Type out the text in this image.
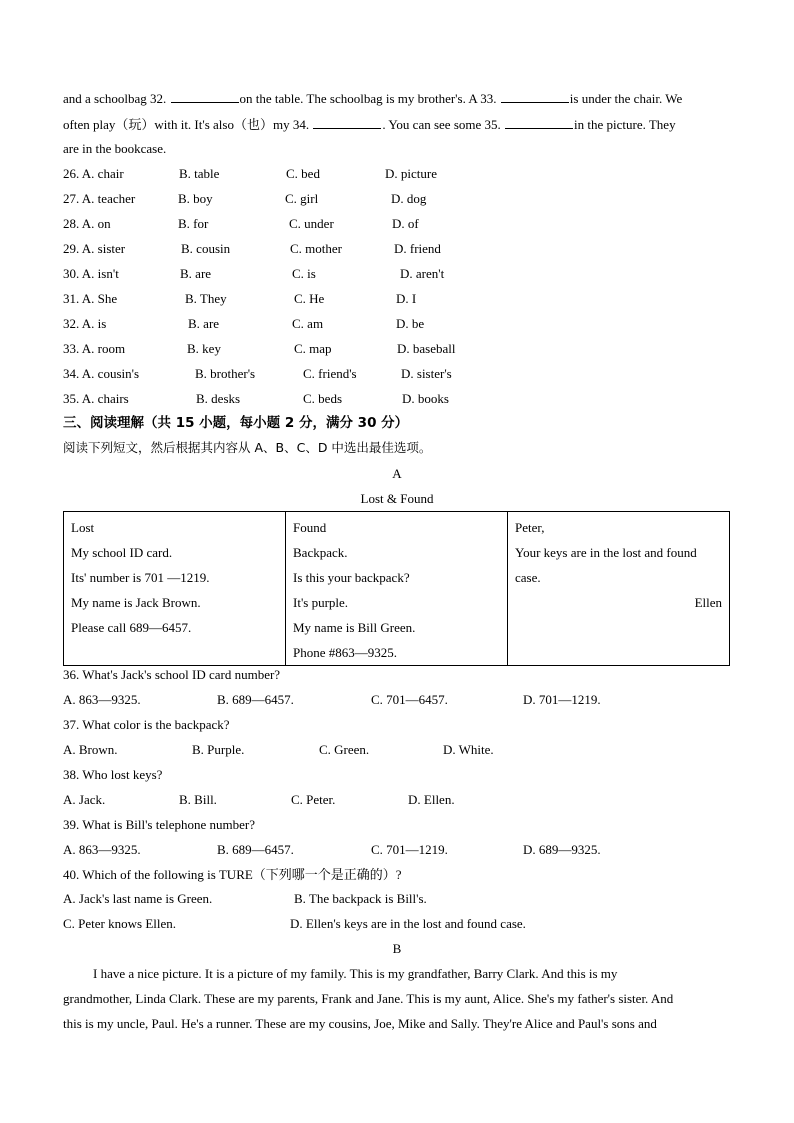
and a schoolbag 32.	on the table. The schoolbag is my brother's. A 33.	is under the chair. We
often play（玩）with it. It's also（也）my 34.	. You can see some 35.	in the picture. They
are in the bookcase.
26. A. chair	B. table	C. bed	D. picture
27. A. teacher	B. boy	C. girl	D. dog
28. A. on	B. for	C. under	D. of
29. A. sister	B. cousin	C. mother	D. friend
30. A. isn't	B. are	C. is	D. aren't
31. A. She	B. They	C. He	D. I
32. A. is	B. are	C. am	D. be
33. A. room	B. key	C. map	D. baseball
34. A. cousin's	B. brother's	C. friend's	D. sister's
35. A. chairs	B. desks	C. beds	D. books
三、阅读理解（共 15 小题，每小题 2 分，满分 30 分）
阅读下列短文，然后根据其内容从 A、B、C、D 中选出最佳选项。
A
Lost & Found
Lost
My school ID card.
Its' number is 701 —1219.
My name is Jack Brown.
Please call 689—6457.

Found
Backpack.
Is this your backpack?
It's purple.
My name is Bill Green.
Phone #863—9325.

Peter,
Your keys are in the lost and found
case.
Ellen
36. What's Jack's school ID card number?
A. 863—9325.	B. 689—6457.	C. 701—6457.	D. 701—1219.
37. What color is the backpack?
A. Brown.	B. Purple.	C. Green.	D. White.
38. Who lost keys?
A. Jack.	B. Bill.	C. Peter.	D. Ellen.
39. What is Bill's telephone number?
A. 863—9325.	B. 689—6457.	C. 701—1219.	D. 689—9325.
40. Which of the following is TURE（下列哪一个是正确的）?
A. Jack's last name is Green.	B. The backpack is Bill's.
C. Peter knows Ellen.	D. Ellen's keys are in the lost and found case.
B
I have a nice picture. It is a picture of my family. This is my grandfather, Barry Clark. And this is my
grandmother, Linda Clark. These are my parents, Frank and Jane. This is my aunt, Alice. She's my father's sister. And
this is my uncle, Paul. He's a runner. These are my cousins, Joe, Mike and Sally. They're Alice and Paul's sons and
